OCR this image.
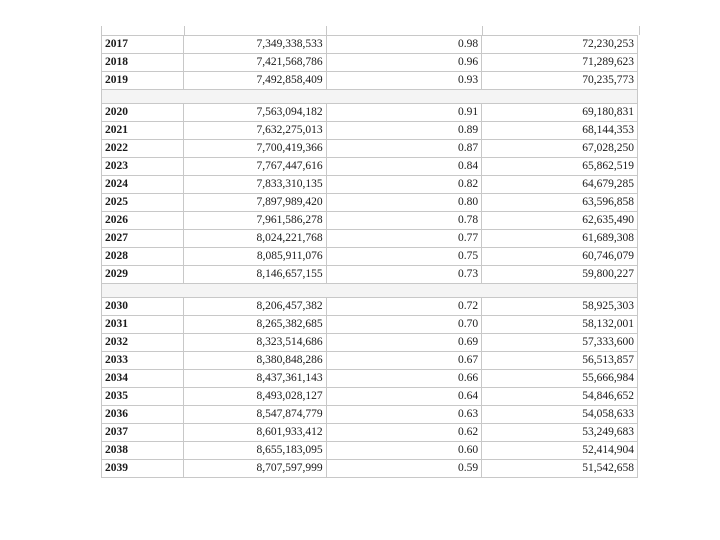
2017	7,349,338,533	0.98	72,230,253
2018	7,421,568,786	0.96	71,289,623
2019	7,492,858,409	0.93	70,235,773

2020	7,563,094,182	0.91	69,180,831
2021	7,632,275,013	0.89	68,144,353
2022	7,700,419,366	0.87	67,028,250
2023	7,767,447,616	0.84	65,862,519
2024	7,833,310,135	0.82	64,679,285
2025	7,897,989,420	0.80	63,596,858
2026	7,961,586,278	0.78	62,635,490
2027	8,024,221,768	0.77	61,689,308
2028	8,085,911,076	0.75	60,746,079
2029	8,146,657,155	0.73	59,800,227

2030	8,206,457,382	0.72	58,925,303
2031	8,265,382,685	0.70	58,132,001
2032	8,323,514,686	0.69	57,333,600
2033	8,380,848,286	0.67	56,513,857
2034	8,437,361,143	0.66	55,666,984
2035	8,493,028,127	0.64	54,846,652
2036	8,547,874,779	0.63	54,058,633
2037	8,601,933,412	0.62	53,249,683
2038	8,655,183,095	0.60	52,414,904
2039	8,707,597,999	0.59	51,542,658
